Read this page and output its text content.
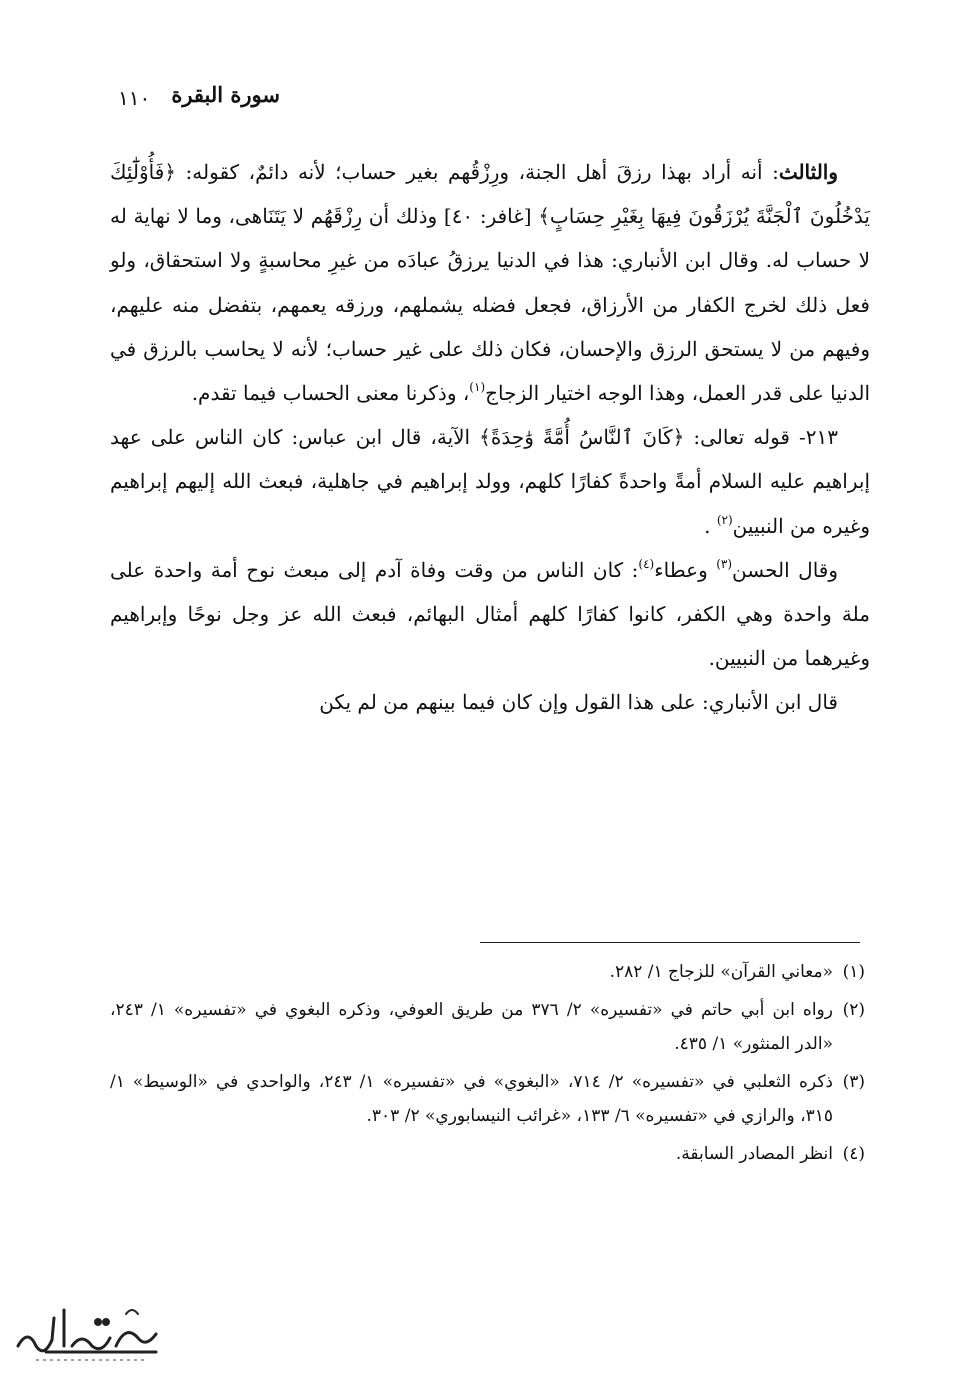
١١٠ سورة البقرة

والثالث: أنه أراد بهذا رزقَ أهل الجنة، ورِزْقُهم بغير حساب؛ لأنه دائمٌ، كقوله: ﴿فَأُوْلَٰٓئِكَ يَدْخُلُونَ ٱلْجَنَّةَ يُرْزَقُونَ فِيهَا بِغَيْرِ حِسَابٍ﴾ [غافر: ٤٠] وذلك أن رِزْقَهُم لا يَتَنَاهى، وما لا نهاية له لا حساب له. وقال ابن الأنباري: هذا في الدنيا يرزقُ عبادَه من غيرِ محاسبةٍ ولا استحقاق، ولو فعل ذلك لخرج الكفار من الأرزاق، فجعل فضله يشملهم، ورزقه يعمهم، بتفضل منه عليهم، وفيهم من لا يستحق الرزق والإحسان، فكان ذلك على غير حساب؛ لأنه لا يحاسب بالرزق في الدنيا على قدر العمل، وهذا الوجه اختيار الزجاج$^{(١)}$، وذكرنا معنى الحساب فيما تقدم.

٢١٣- قوله تعالى: ﴿كَانَ ٱلنَّاسُ أُمَّةً وَٰحِدَةً﴾ الآية، قال ابن عباس: كان الناس على عهد إبراهيم عليه السلام أمةً واحدةً كفارًا كلهم، وولد إبراهيم في جاهلية، فبعث الله إليهم إبراهيم وغيره من النبيين$^{(٢)}$ .

وقال الحسن$^{(٣)}$ وعطاء$^{(٤)}$: كان الناس من وقت وفاة آدم إلى مبعث نوح أمة واحدة على ملة واحدة وهي الكفر، كانوا كفارًا كلهم أمثال البهائم، فبعث الله عز وجل نوحًا وإبراهيم وغيرهما من النبيين.

قال ابن الأنباري: على هذا القول وإن كان فيما بينهم من لم يكن

(١)«معاني القرآن» للزجاج ١/ ٢٨٢.

(٢)رواه ابن أبي حاتم في «تفسيره» ٢/ ٣٧٦ من طريق العوفي، وذكره البغوي في «تفسيره» ١/ ٢٤٣، «الدر المنثور» ١/ ٤٣٥.

(٣)ذكره الثعلبي في «تفسيره» ٢/ ٧١٤، «البغوي» في «تفسيره» ١/ ٢٤٣، والواحدي في «الوسيط» ١/ ٣١٥، والرازي في «تفسيره» ٦/ ١٣٣، «غرائب النيسابوري» ٢/ ٣٠٣.

(٤)انظر المصادر السابقة.
